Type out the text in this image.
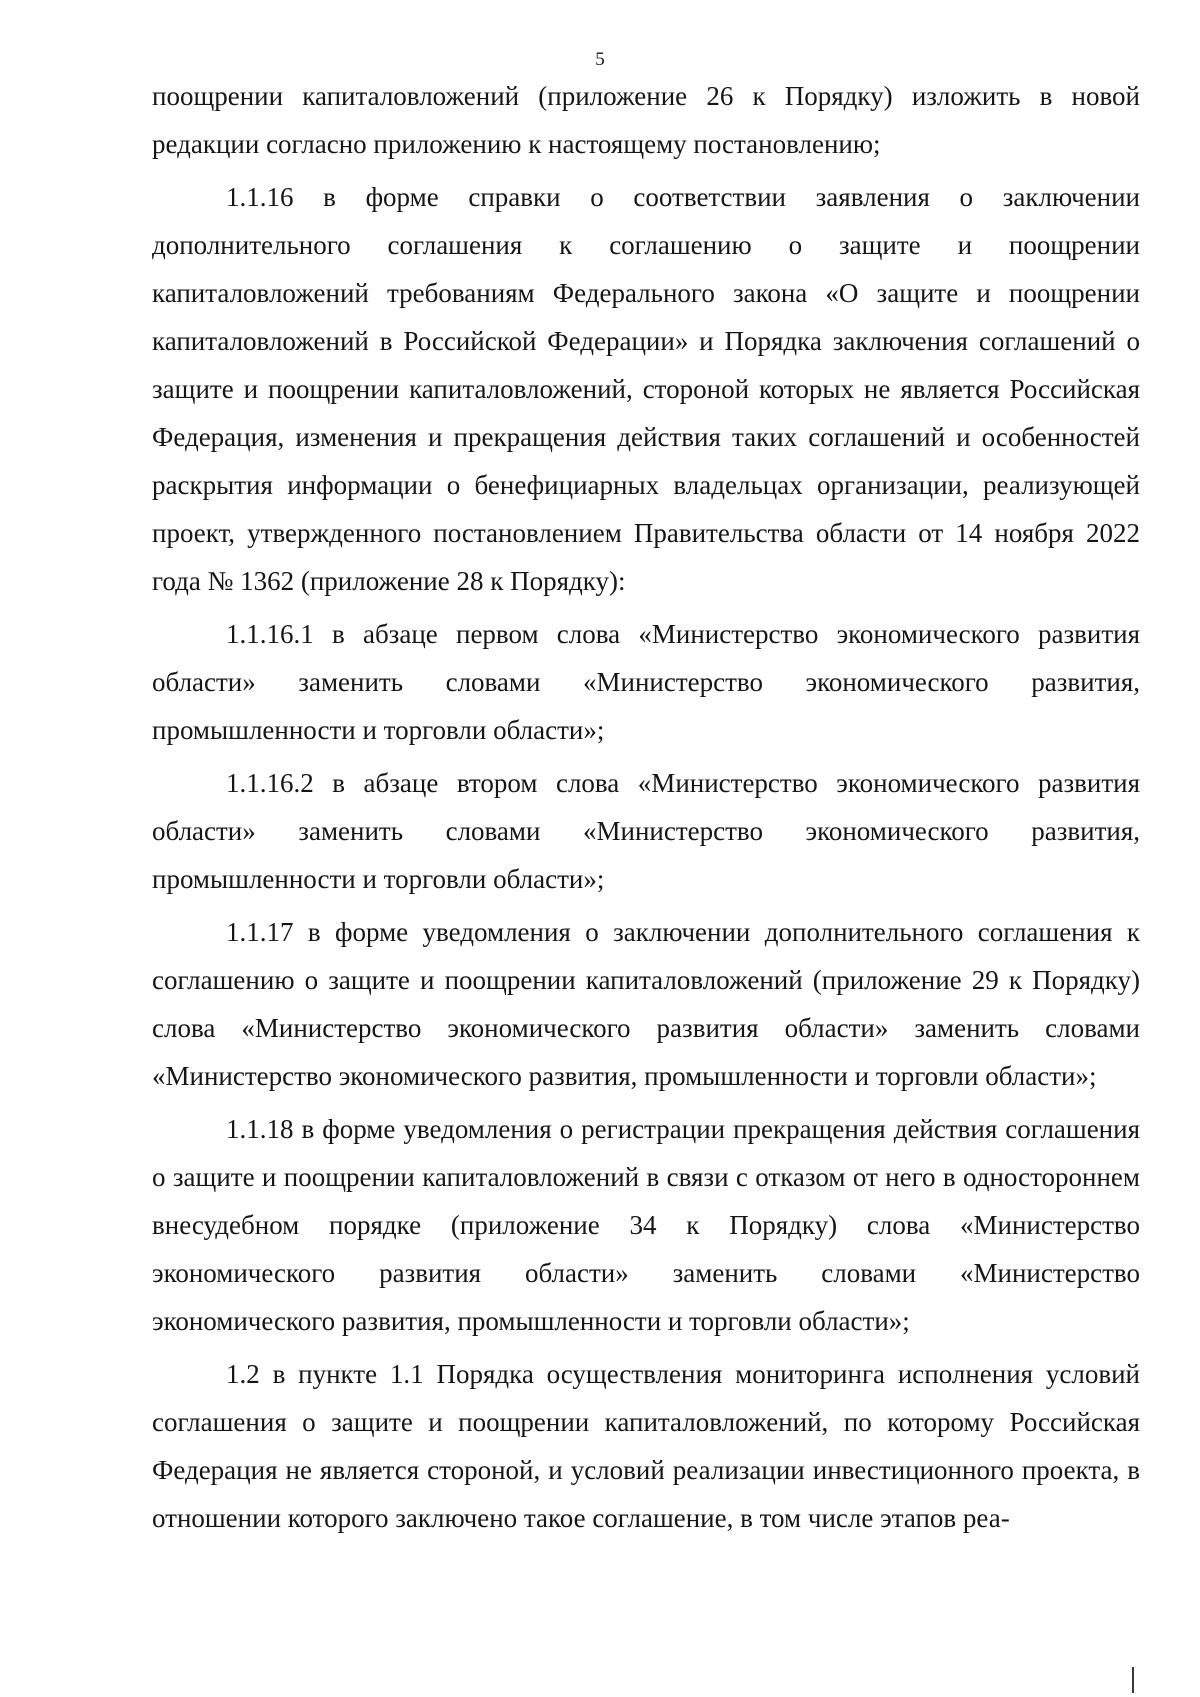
5

поощрении капиталовложений (приложение 26 к Порядку) изложить в новой редакции согласно приложению к настоящему постановлению;

1.1.16 в форме справки о соответствии заявления о заключении дополнительного соглашения к соглашению о защите и поощрении капиталовложений требованиям Федерального закона «О защите и поощрении капиталовложений в Российской Федерации» и Порядка заключения соглашений о защите и поощрении капиталовложений, стороной которых не является Российская Федерация, изменения и прекращения действия таких соглашений и особенностей раскрытия информации о бенефициарных владельцах организации, реализующей проект, утвержденного постановлением Правительства области от 14 ноября 2022 года № 1362 (приложение 28 к Порядку):

1.1.16.1 в абзаце первом слова «Министерство экономического развития области» заменить словами «Министерство экономического развития, промышленности и торговли области»;

1.1.16.2 в абзаце втором слова «Министерство экономического развития области» заменить словами «Министерство экономического развития, промышленности и торговли области»;

1.1.17 в форме уведомления о заключении дополнительного соглашения к соглашению о защите и поощрении капиталовложений (приложение 29 к Порядку) слова «Министерство экономического развития области» заменить словами «Министерство экономического развития, промышленности и торговли области»;

1.1.18 в форме уведомления о регистрации прекращения действия соглашения о защите и поощрении капиталовложений в связи с отказом от него в одностороннем внесудебном порядке (приложение 34 к Порядку) слова «Министерство экономического развития области» заменить словами «Министерство экономического развития, промышленности и торговли области»;

1.2 в пункте 1.1 Порядка осуществления мониторинга исполнения условий соглашения о защите и поощрении капиталовложений, по которому Российская Федерация не является стороной, и условий реализации инвестиционного проекта, в отношении которого заключено такое соглашение, в том числе этапов реа-
